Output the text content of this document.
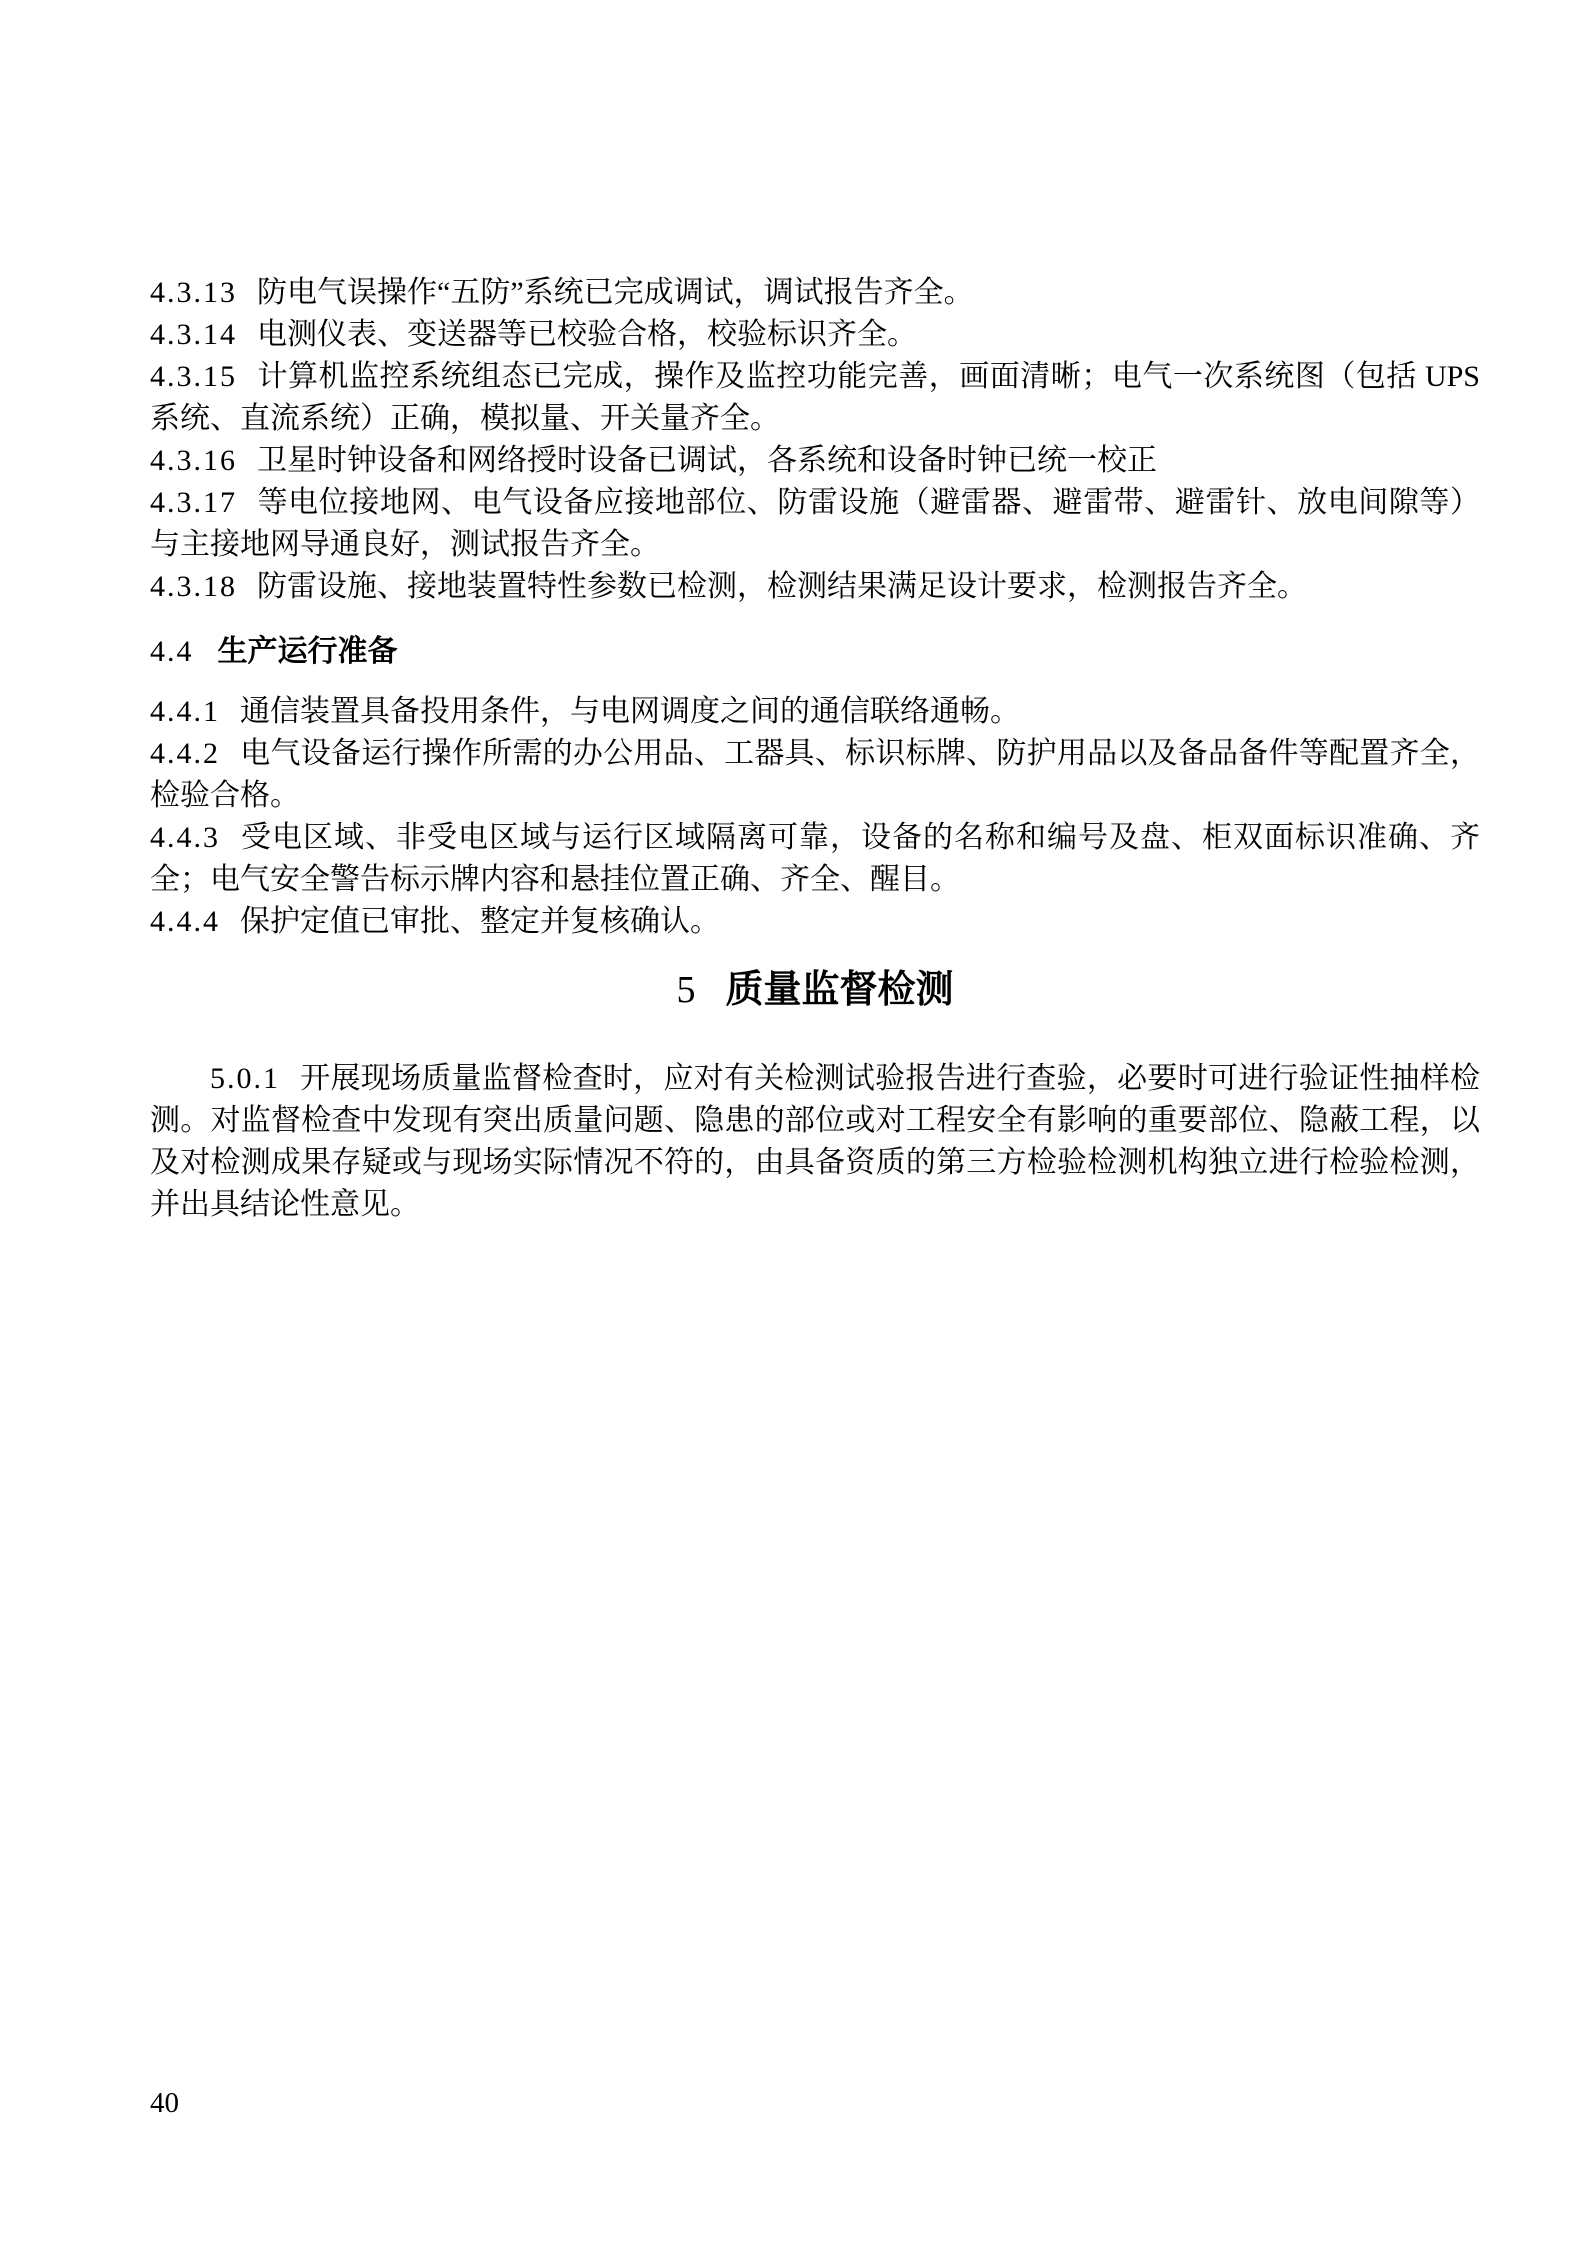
4.3.13 防电气误操作“五防”系统已完成调试，调试报告齐全。

4.3.14 电测仪表、变送器等已校验合格，校验标识齐全。

4.3.15 计算机监控系统组态已完成，操作及监控功能完善，画面清晰；电气一次系统图（包括 UPS 系统、直流系统）正确，模拟量、开关量齐全。

4.3.16 卫星时钟设备和网络授时设备已调试，各系统和设备时钟已统一校正

4.3.17 等电位接地网、电气设备应接地部位、防雷设施（避雷器、避雷带、避雷针、放电间隙等）与主接地网导通良好，测试报告齐全。

4.3.18 防雷设施、接地装置特性参数已检测，检测结果满足设计要求，检测报告齐全。

4.4 生产运行准备

4.4.1 通信装置具备投用条件，与电网调度之间的通信联络通畅。

4.4.2 电气设备运行操作所需的办公用品、工器具、标识标牌、防护用品以及备品备件等配置齐全，检验合格。

4.4.3 受电区域、非受电区域与运行区域隔离可靠，设备的名称和编号及盘、柜双面标识准确、齐全；电气安全警告标示牌内容和悬挂位置正确、齐全、醒目。

4.4.4 保护定值已审批、整定并复核确认。

5 质量监督检测

5.0.1 开展现场质量监督检查时，应对有关检测试验报告进行查验，必要时可进行验证性抽样检测。对监督检查中发现有突出质量问题、隐患的部位或对工程安全有影响的重要部位、隐蔽工程，以及对检测成果存疑或与现场实际情况不符的，由具备资质的第三方检验检测机构独立进行检验检测，并出具结论性意见。

40
